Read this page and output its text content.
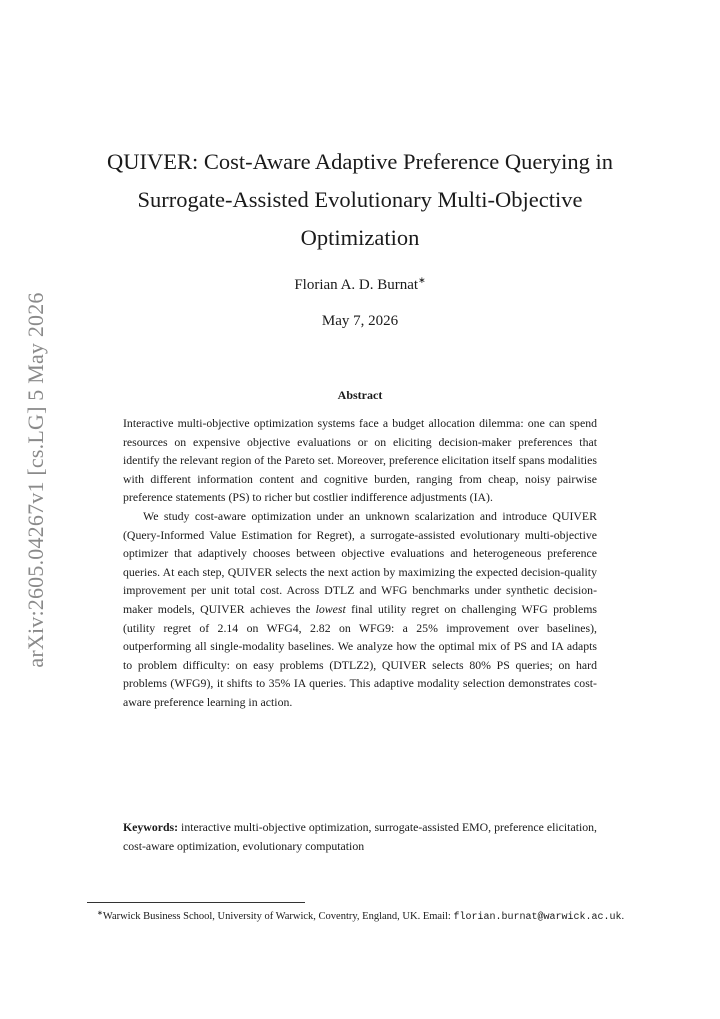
arXiv:2605.04267v1 [cs.LG] 5 May 2026
QUIVER: Cost-Aware Adaptive Preference Querying in Surrogate-Assisted Evolutionary Multi-Objective Optimization
Florian A. D. Burnat∗
May 7, 2026
Abstract

Interactive multi-objective optimization systems face a budget allocation dilemma: one can spend resources on expensive objective evaluations or on eliciting decision-maker preferences that identify the relevant region of the Pareto set. Moreover, preference elicitation itself spans modalities with different information content and cognitive burden, ranging from cheap, noisy pairwise preference statements (PS) to richer but costlier indifference adjustments (IA).

We study cost-aware optimization under an unknown scalarization and introduce QUIVER (Query-Informed Value Estimation for Regret), a surrogate-assisted evolutionary multi-objective optimizer that adaptively chooses between objective evaluations and heterogeneous preference queries. At each step, QUIVER selects the next action by maximizing the expected decision-quality improvement per unit total cost. Across DTLZ and WFG benchmarks under synthetic decision-maker models, QUIVER achieves the lowest final utility regret on challenging WFG problems (utility regret of 2.14 on WFG4, 2.82 on WFG9: a 25% improvement over baselines), outperforming all single-modality baselines. We analyze how the optimal mix of PS and IA adapts to problem difficulty: on easy problems (DTLZ2), QUIVER selects 80% PS queries; on hard problems (WFG9), it shifts to 35% IA queries. This adaptive modality selection demonstrates cost-aware preference learning in action.

Keywords: interactive multi-objective optimization, surrogate-assisted EMO, preference elicitation, cost-aware optimization, evolutionary computation
∗Warwick Business School, University of Warwick, Coventry, England, UK. Email: florian.burnat@warwick.ac.uk.
